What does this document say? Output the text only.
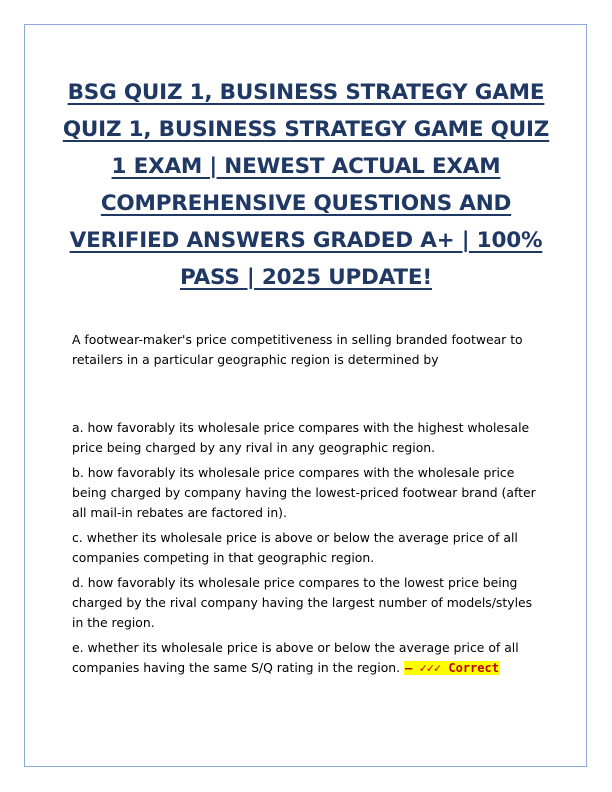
BSG QUIZ 1, BUSINESS STRATEGY GAME QUIZ 1, BUSINESS STRATEGY GAME QUIZ 1 EXAM | NEWEST ACTUAL EXAM COMPREHENSIVE QUESTIONS AND VERIFIED ANSWERS GRADED A+ | 100% PASS | 2025 UPDATE!

A footwear-maker's price competitiveness in selling branded footwear to retailers in a particular geographic region is determined by

a. how favorably its wholesale price compares with the highest wholesale price being charged by any rival in any geographic region.

b. how favorably its wholesale price compares with the wholesale price being charged by company having the lowest-priced footwear brand (after all mail-in rebates are factored in).

c. whether its wholesale price is above or below the average price of all companies competing in that geographic region.

d. how favorably its wholesale price compares to the lowest price being charged by the rival company having the largest number of models/styles in the region.

e. whether its wholesale price is above or below the average price of all companies having the same S/Q rating in the region. – ✓✓✓ Correct
